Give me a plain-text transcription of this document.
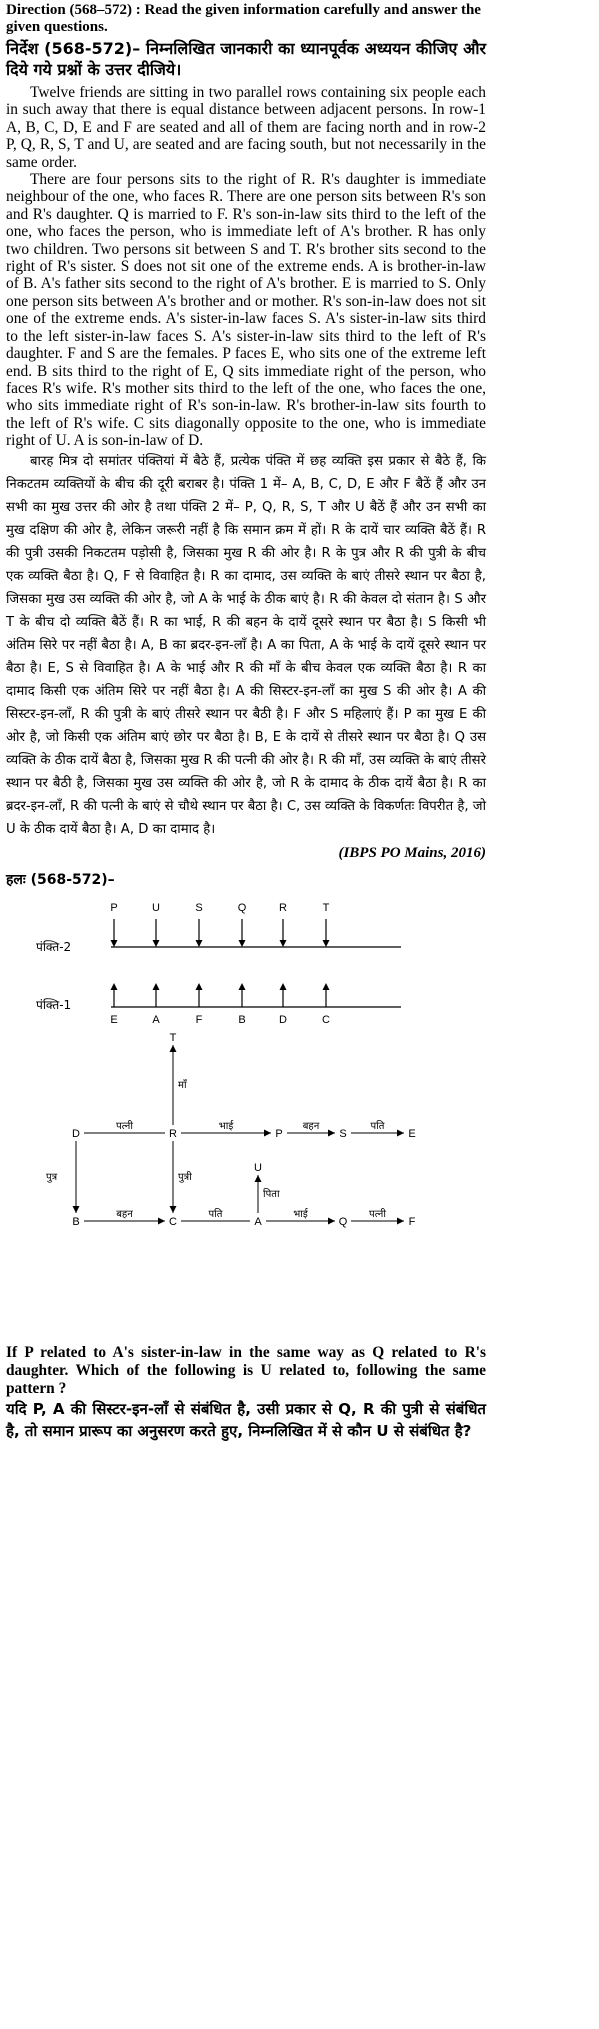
Direction (568–572) : Read the given information carefully and answer the given questions.

निर्देश (568-572)– निम्नलिखित जानकारी का ध्यानपूर्वक अध्ययन कीजिए और दिये गये प्रश्नों के उत्तर दीजिये।

Twelve friends are sitting in two parallel rows containing six people each in such away that there is equal distance between adjacent persons. In row-1 A, B, C, D, E and F are seated and all of them are facing north and in row-2 P, Q, R, S, T and U, are seated and are facing south, but not necessarily in the same order.

There are four persons sits to the right of R. R's daughter is immediate neighbour of the one, who faces R. There are one person sits between R's son and R's daughter. Q is married to F. R's son-in-law sits third to the left of the one, who faces the person, who is immediate left of A's brother. R has only two children. Two persons sit between S and T. R's brother sits second to the right of R's sister. S does not sit one of the extreme ends. A is brother-in-law of B. A's father sits second to the right of A's brother. E is married to S. Only one person sits between A's brother and or mother. R's son-in-law does not sit one of the extreme ends. A's sister-in-law faces S. A's sister-in-law sits third to the left sister-in-law faces S. A's sister-in-law sits third to the left of R's daughter. F and S are the females. P faces E, who sits one of the extreme left end. B sits third to the right of E, Q sits immediate right of the person, who faces R's wife. R's mother sits third to the left of the one, who faces the one, who sits immediate right of R's son-in-law. R's brother-in-law sits fourth to the left of R's wife. C sits diagonally opposite to the one, who is immediate right of U. A is son-in-law of D.

बारह मित्र दो समांतर पंक्तियां में बैठे हैं, प्रत्येक पंक्ति में छह व्यक्ति इस प्रकार से बैठे हैं, कि निकटतम व्यक्तियों के बीच की दूरी बराबर है। पंक्ति 1 में– A, B, C, D, E और F बैठें हैं और उन सभी का मुख उत्तर की ओर है तथा पंक्ति 2 में– P, Q, R, S, T और U बैठें हैं और उन सभी का मुख दक्षिण की ओर है, लेकिन जरूरी नहीं है कि समान क्रम में हों। R के दायें चार व्यक्ति बैठें हैं। R की पुत्री उसकी निकटतम पड़ोसी है, जिसका मुख R की ओर है। R के पुत्र और R की पुत्री के बीच एक व्यक्ति बैठा है। Q, F से विवाहित है। R का दामाद, उस व्यक्ति के बाएं तीसरे स्थान पर बैठा है, जिसका मुख उस व्यक्ति की ओर है, जो A के भाई के ठीक बाएं है। R की केवल दो संतान है। S और T के बीच दो व्यक्ति बैठें हैं। R का भाई, R की बहन के दायें दूसरे स्थान पर बैठा है। S किसी भी अंतिम सिरे पर नहीं बैठा है। A, B का ब्रदर-इन-लॉं है। A का पिता, A के भाई के दायें दूसरे स्थान पर बैठा है। E, S से विवाहित है। A के भाई और R की माँ के बीच केवल एक व्यक्ति बैठा है। R का दामाद किसी एक अंतिम सिरे पर नहीं बैठा है। A की सिस्टर-इन-लॉं का मुख S की ओर है। A की सिस्टर-इन-लॉं, R की पुत्री के बाएं तीसरे स्थान पर बैठी है। F और S महिलाएं हैं। P का मुख E की ओर है, जो किसी एक अंतिम बाएं छोर पर बैठा है। B, E के दायें से तीसरे स्थान पर बैठा है। Q उस व्यक्ति के ठीक दायें बैठा है, जिसका मुख R की पत्नी की ओर है। R की माँ, उस व्यक्ति के बाएं तीसरे स्थान पर बैठी है, जिसका मुख उस व्यक्ति की ओर है, जो R के दामाद के ठीक दायें बैठा है। R का ब्रदर-इन-लॉं, R की पत्नी के बाएं से चौथे स्थान पर बैठा है। C, उस व्यक्ति के विकर्णतः विपरीत है, जो U के ठीक दायें बैठा है। A, D का दामाद है।

(IBPS PO Mains, 2016)

हलः (568-572)–

पंक्ति-2
पंक्ति-1
P	U	S	Q	R	T
E	A	F	B	D	C
T
D	R	P	S	E
B	C
U
A	Q	F
माँ
पत्नी	भाई	बहन	पति
पुत्र	पुत्री
पिता
बहन	पति	भाई	पत्नी

If P related to A's sister-in-law in the same way as Q related to R's daughter. Which of the following is U related to, following the same pattern ?

यदि P, A की सिस्टर-इन-लॉं से संबंधित है, उसी प्रकार से Q, R की पुत्री से संबंधित है, तो समान प्रारूप का अनुसरण करते हुए, निम्नलिखित में से कौन U से संबंधित है?
